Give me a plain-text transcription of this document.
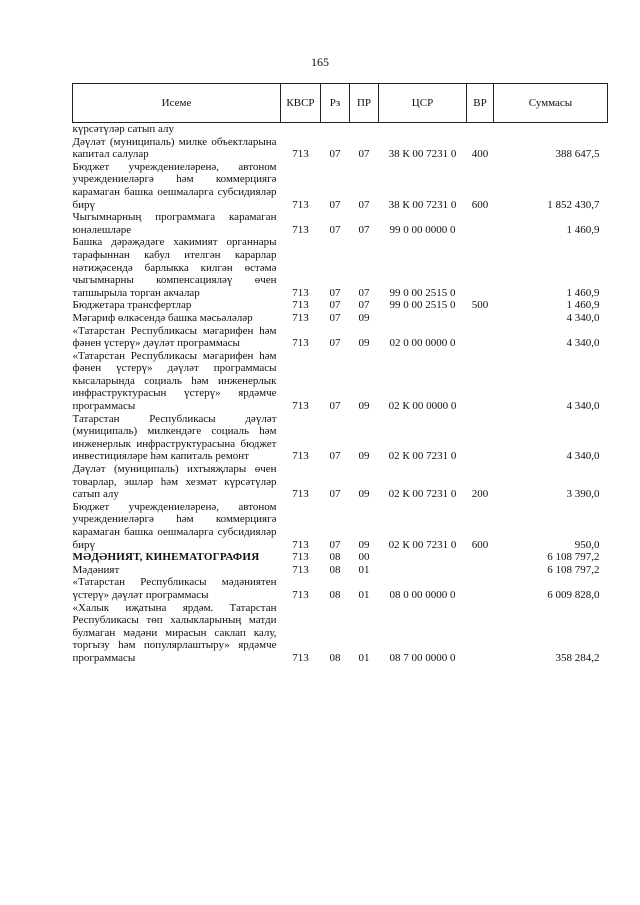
165
Исеме	КВСР	Рз	ПР	ЦСР	ВР	Суммасы
күрсәтүләр сатып алу						
Дәүләт (муниципаль) милке объектларына капитал салулар	713	07	07	38 К 00 7231 0	400	388 647,5
Бюджет учреждениеләренә, автоном учреждениеләргә һәм коммерциягә карамаган башка оешмаларга субсидияләр бирү	713	07	07	38 К 00 7231 0	600	1 852 430,7
Чыгымнарның программага карамаган юнәлешләре	713	07	07	99 0 00 0000 0		1 460,9
Башка дәрәҗәдәге хакимият органнары тарафыннан кабул ителгән карарлар нәтиҗәсендә барлыкка килгән өстәмә чыгымнарны компенсацияләү өчен тапшырыла торган акчалар	713	07	07	99 0 00 2515 0		1 460,9
Бюджетара трансфертлар	713	07	07	99 0 00 2515 0	500	1 460,9
Мәгариф өлкәсендә башка мәсьәләләр	713	07	09			4 340,0
«Татарстан Республикасы мәгарифен һәм фәнен үстерү» дәүләт программасы	713	07	09	02 0 00 0000 0		4 340,0
«Татарстан Республикасы мәгарифен һәм фәнен үстерү» дәүләт программасы кысаларында социаль һәм инженерлык инфраструктурасын үстерү» ярдәмче программасы	713	07	09	02 К 00 0000 0		4 340,0
Татарстан Республикасы дәүләт (муниципаль) милкендәге социаль һәм инженерлык инфраструктурасына бюджет инвестицияләре һәм капиталь ремонт	713	07	09	02 К 00 7231 0		4 340,0
Дәүләт (муниципаль) ихтыяҗлары өчен товарлар, эшләр һәм хезмәт күрсәтүләр сатып алу	713	07	09	02 К 00 7231 0	200	3 390,0
Бюджет учреждениеләренә, автоном учреждениеләргә һәм коммерциягә карамаган башка оешмаларга субсидияләр бирү	713	07	09	02 К 00 7231 0	600	950,0
МӘДӘНИЯТ, КИНЕМАТОГРАФИЯ	713	08	00			6 108 797,2
Мәдәният	713	08	01			6 108 797,2
«Татарстан Республикасы мәдәниятен үстерү» дәүләт программасы	713	08	01	08 0 00 0000 0		6 009 828,0
«Халык иҗатына ярдәм. Татарстан Республикасы төп халыкларының матди булмаган мәдәни мирасын саклап калу, торгызу һәм популярлаштыру» ярдәмче программасы	713	08	01	08 7 00 0000 0		358 284,2
